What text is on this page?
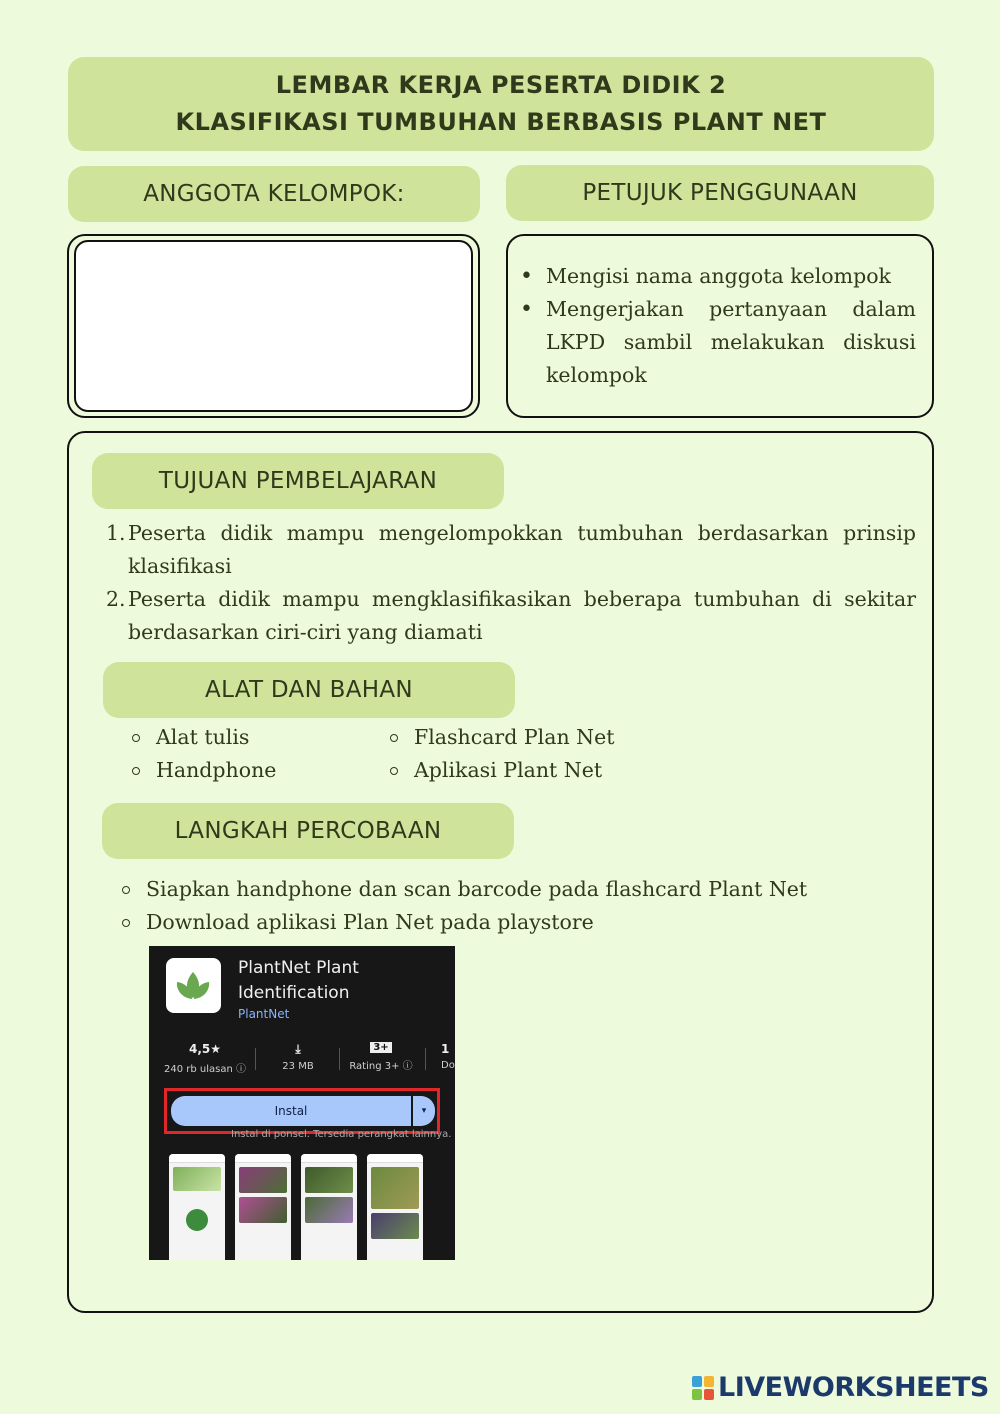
LEMBAR KERJA PESERTA DIDIK 2
KLASIFIKASI TUMBUHAN BERBASIS PLANT NET
ANGGOTA KELOMPOK:	PETUJUK PENGGUNAAN
• Mengisi nama anggota kelompok
• Mengerjakan pertanyaan dalam LKPD sambil melakukan diskusi kelompok
TUJUAN PEMBELAJARAN
1. Peserta didik mampu mengelompokkan tumbuhan berdasarkan prinsip klasifikasi
2. Peserta didik mampu mengklasifikasikan beberapa tumbuhan di sekitar berdasarkan ciri-ciri yang diamati
ALAT DAN BAHAN
Alat tulis
Handphone
Flashcard Plan Net
Aplikasi Plant Net
LANGKAH PERCOBAAN
Siapkan handphone dan scan barcode pada flashcard Plant Net
Download aplikasi Plan Net pada playstore
PlantNet Plant Identification
PlantNet
4,5★
240 rb ulasan ⓘ
⤓
23 MB
3+
Rating 3+ ⓘ
1
Do
Instal	▾
Instal di ponsel. Tersedia perangkat lainnya.
LIVEWORKSHEETS
